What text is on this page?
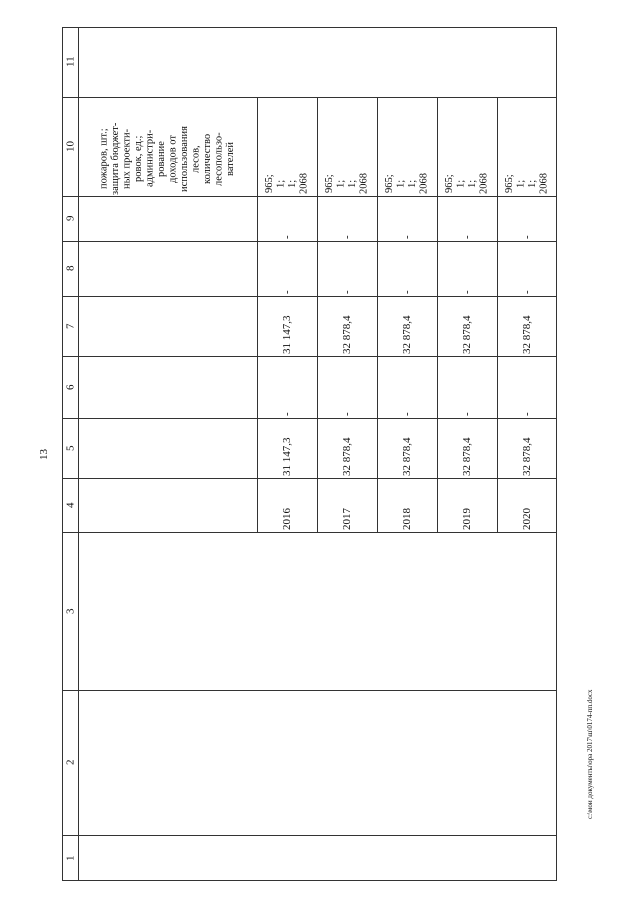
13
c:\мои документы\ора 2017\ш\0174-пп.docx
11
10
9
8
7
6
5
4
3
2
1
пожаров, шт.;
защита бюджет-
ных проекти-
ровок, ед.;
администри-
рование
доходов от
использования
лесов,
количество
лесопользо-
вателей
965;
1;
1;
2068
-
-
31 147,3
-
31 147,3
2016
965;
1;
1;
2068
-
-
32 878,4
-
32 878,4
2017
965;
1;
1;
2068
-
-
32 878,4
-
32 878,4
2018
965;
1;
1;
2068
-
-
32 878,4
-
32 878,4
2019
965;
1;
1;
2068
-
-
32 878,4
-
32 878,4
2020
